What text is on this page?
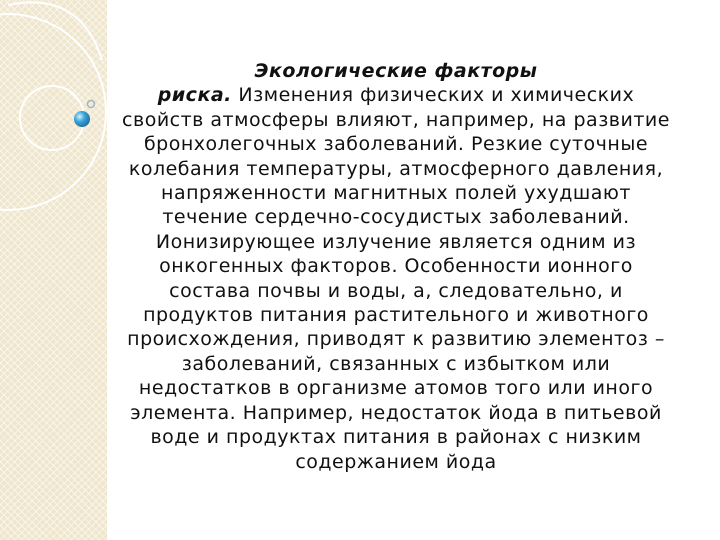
Экологические факторы
риска. Изменения физических и химических свойств атмосферы влияют, например, на развитие бронхолегочных заболеваний. Резкие суточные колебания температуры, атмосферного давления, напряженности магнитных полей ухудшают течение сердечно-сосудистых заболеваний. Ионизирующее излучение является одним из онкогенных факторов. Особенности ионного состава почвы и воды, а, следовательно, и продуктов питания растительного и животного происхождения, приводят к развитию элементоз – заболеваний, связанных с избытком или недостатков в организме атомов того или иного элемента. Например, недостаток йода в питьевой воде и продуктах питания в районах с низким содержанием йода
